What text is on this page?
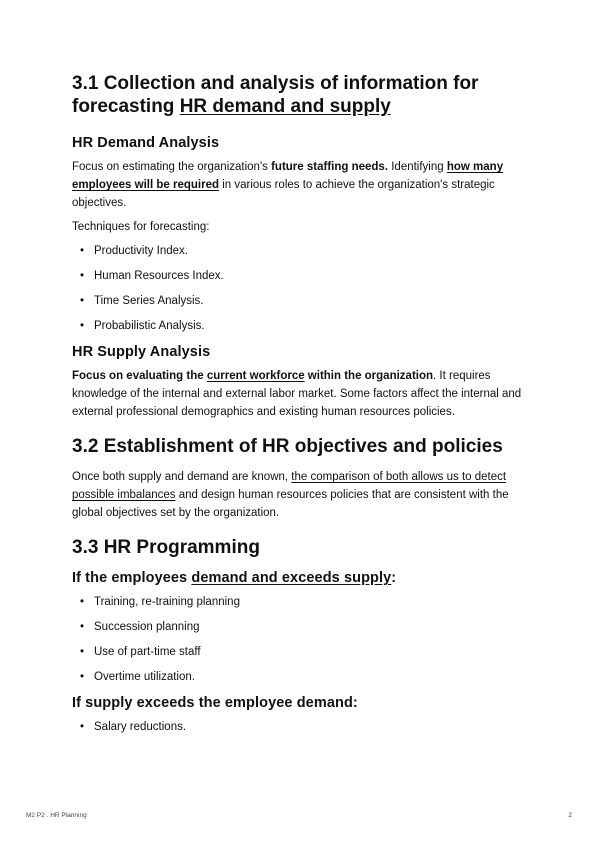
3.1 Collection and analysis of information for
forecasting HR demand and supply
HR Demand Analysis

Focus on estimating the organization's future staffing needs. Identifying how many employees will be required in various roles to achieve the organization's strategic objectives.

Techniques for forecasting:

• Productivity Index.
• Human Resources Index.
• Time Series Analysis.
• Probabilistic Analysis.
HR Supply Analysis

Focus on evaluating the current workforce within the organization. It requires knowledge of the internal and external labor market. Some factors affect the internal and external professional demographics and existing human resources policies.

3.2 Establishment of HR objectives and policies

Once both supply and demand are known, the comparison of both allows us to detect possible imbalances and design human resources policies that are consistent with the global objectives set by the organization.

3.3 HR Programming
If the employees demand and exceeds supply:
• Training, re-training planning
• Succession planning
• Use of part-time staff
• Overtime utilization.
If supply exceeds the employee demand:
• Salary reductions.
M2 P2 . HR Planning	2
